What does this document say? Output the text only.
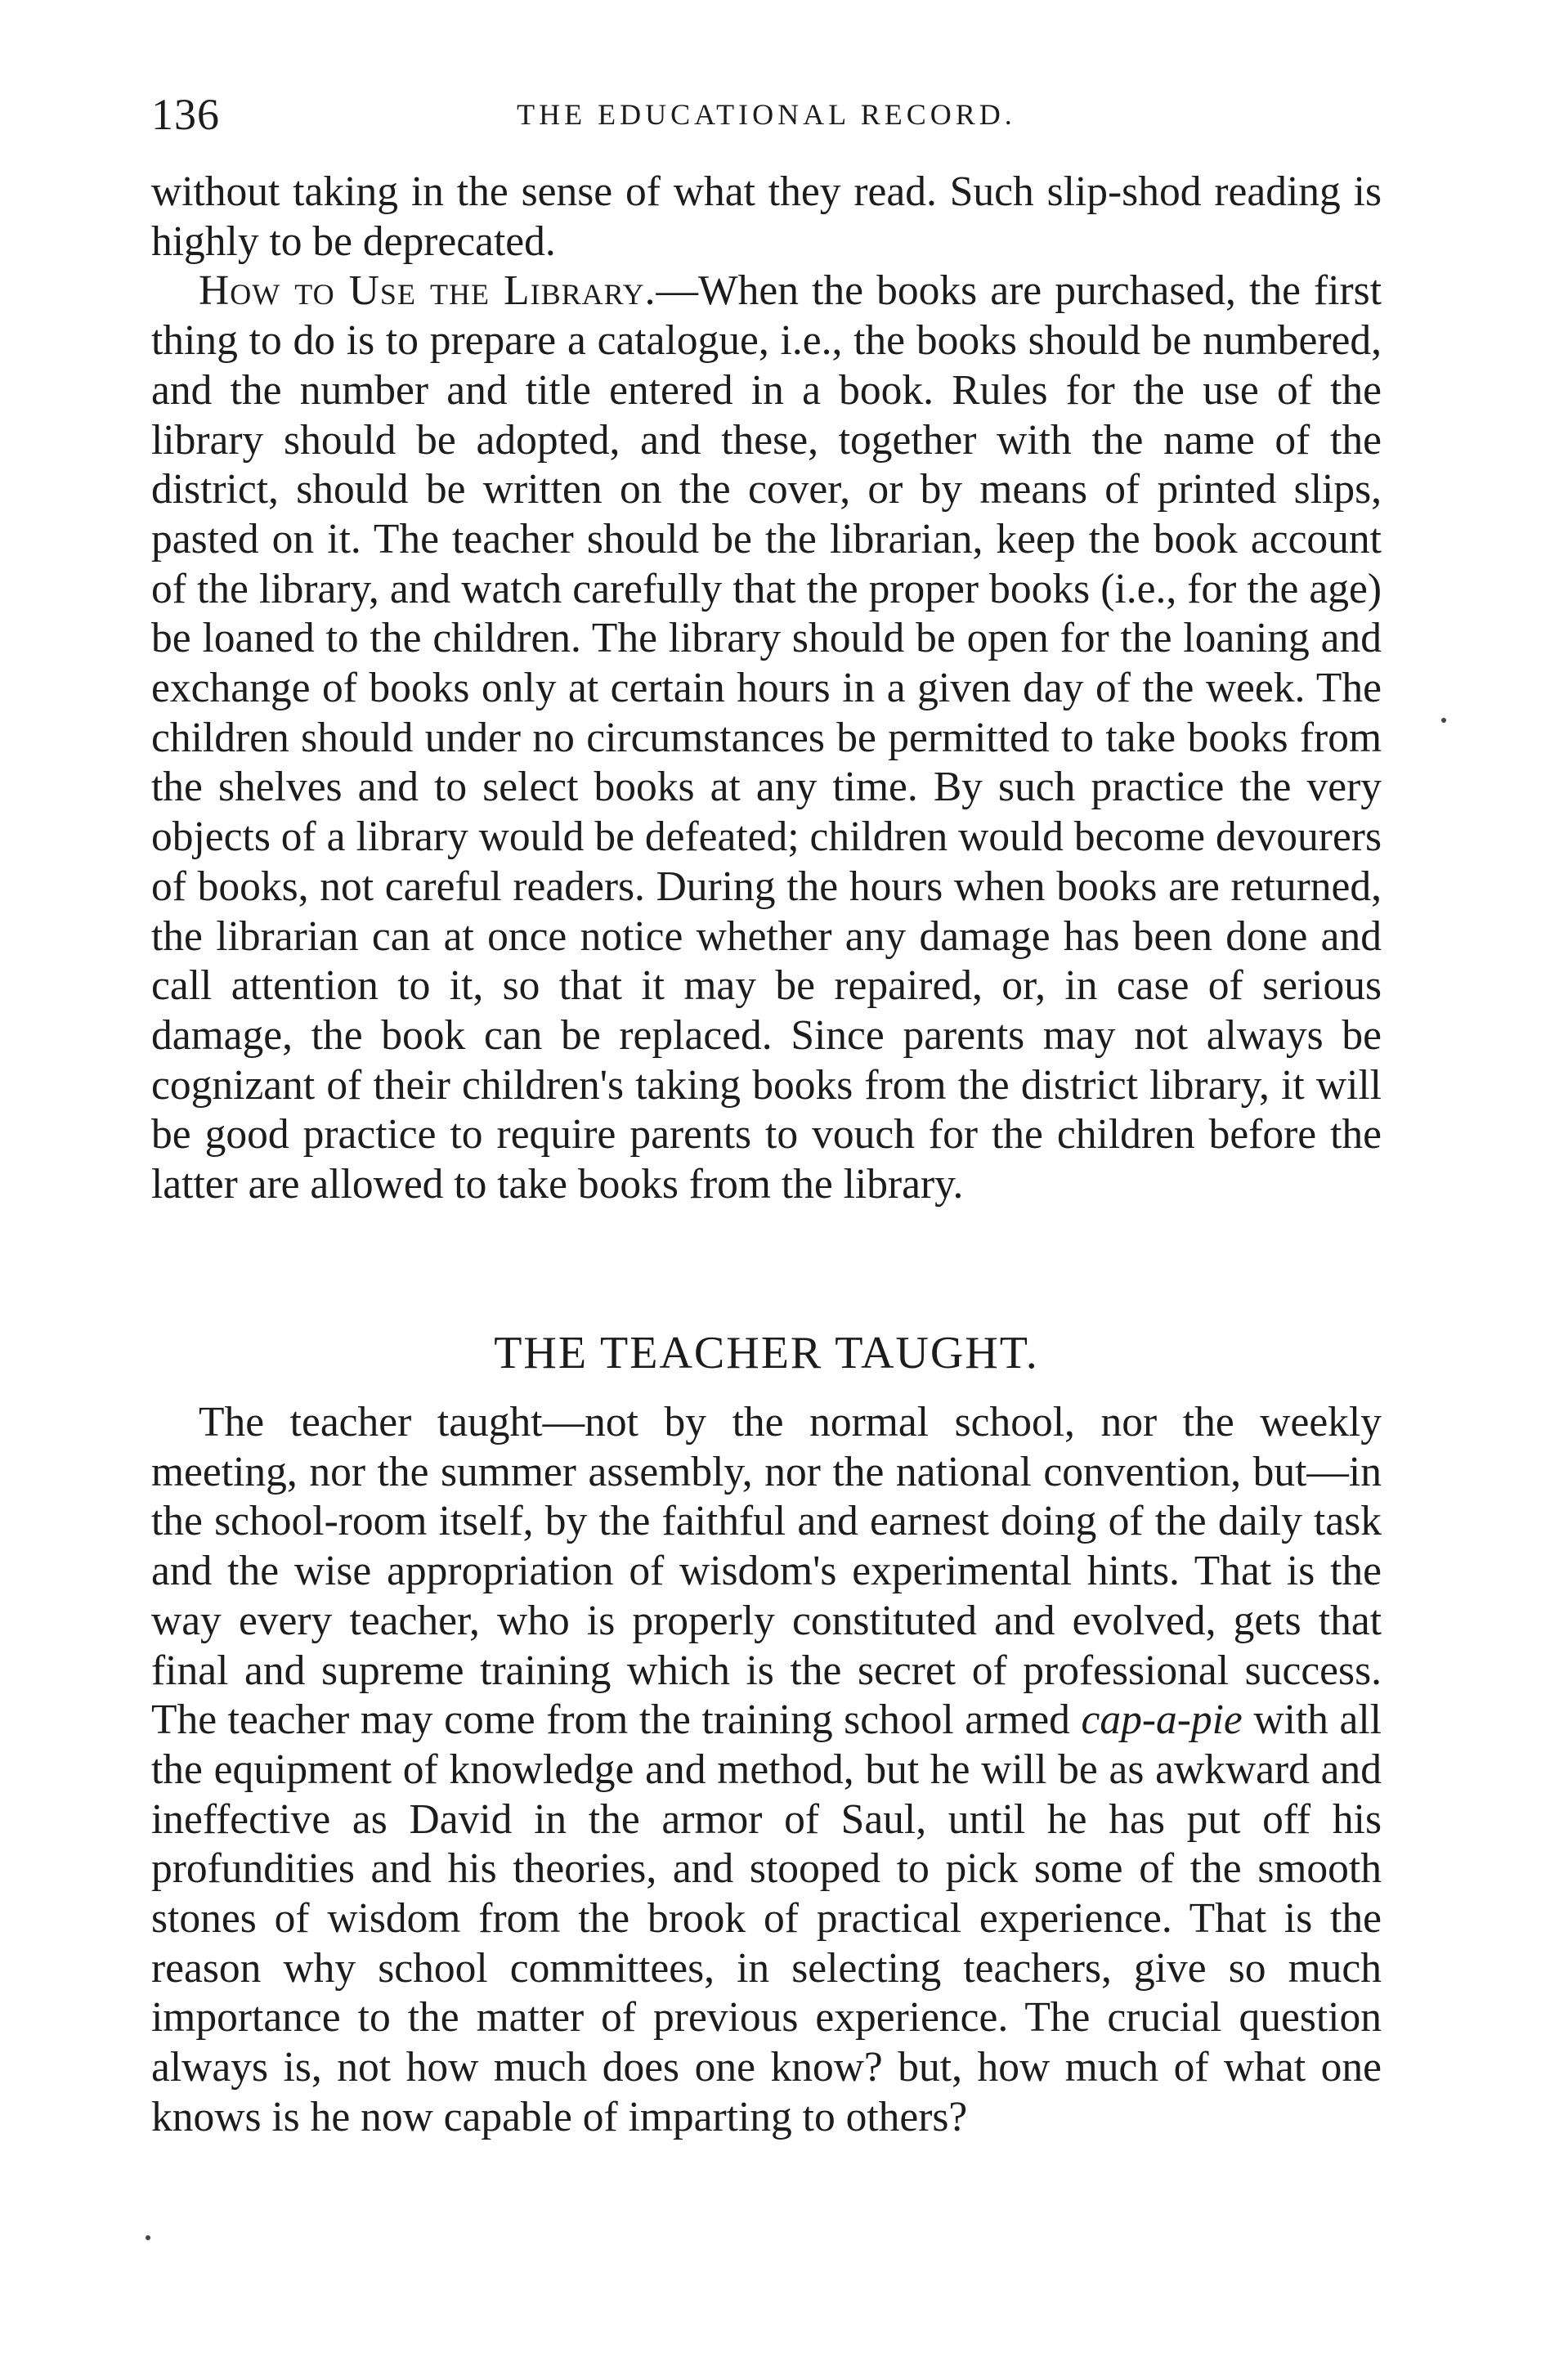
136	THE EDUCATIONAL RECORD.

without taking in the sense of what they read. Such slip-shod reading is highly to be deprecated.

How to Use the Library.—When the books are purchased, the first thing to do is to prepare a catalogue, i.e., the books should be numbered, and the number and title entered in a book. Rules for the use of the library should be adopted, and these, together with the name of the district, should be written on the cover, or by means of printed slips, pasted on it. The teacher should be the librarian, keep the book account of the library, and watch carefully that the proper books (i.e., for the age) be loaned to the children. The library should be open for the loaning and exchange of books only at certain hours in a given day of the week. The children should under no circumstances be permitted to take books from the shelves and to select books at any time. By such practice the very objects of a library would be defeated; children would become devourers of books, not careful readers. During the hours when books are returned, the librarian can at once notice whether any damage has been done and call attention to it, so that it may be repaired, or, in case of serious damage, the book can be replaced. Since parents may not always be cognizant of their children's taking books from the district library, it will be good practice to require parents to vouch for the children before the latter are allowed to take books from the library.

THE TEACHER TAUGHT.

The teacher taught—not by the normal school, nor the weekly meeting, nor the summer assembly, nor the national convention, but—in the school-room itself, by the faithful and earnest doing of the daily task and the wise appropriation of wisdom's experimental hints. That is the way every teacher, who is properly constituted and evolved, gets that final and supreme training which is the secret of professional success. The teacher may come from the training school armed cap-a-pie with all the equipment of knowledge and method, but he will be as awkward and ineffective as David in the armor of Saul, until he has put off his profundities and his theories, and stooped to pick some of the smooth stones of wisdom from the brook of practical experience. That is the reason why school committees, in selecting teachers, give so much importance to the matter of previous experience. The crucial question always is, not how much does one know? but, how much of what one knows is he now capable of imparting to others?
